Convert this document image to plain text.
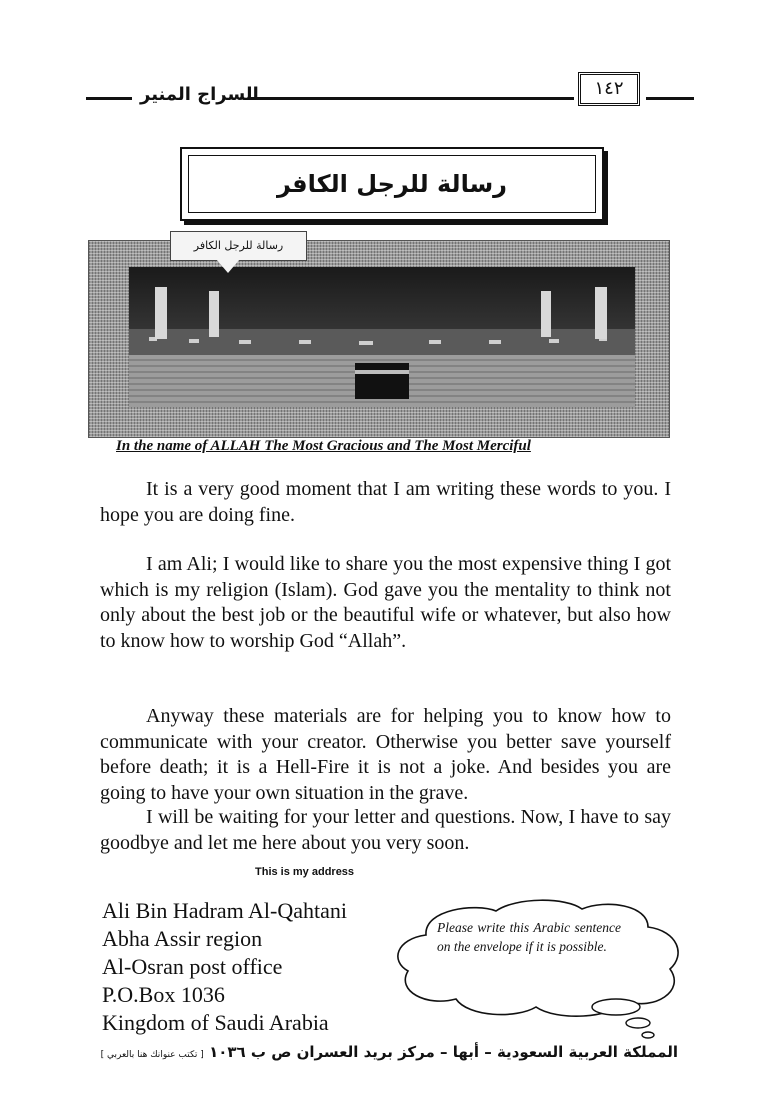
السراج المنير	١٤٢
رسالة للرجل الكافر
رسالة للرجل الكافر
In the name of ALLAH The Most Gracious and The Most Merciful

It is a very good moment that I am writing these words to you. I hope you are doing fine.

I am Ali; I would like to share you the most expensive thing I got which is my religion (Islam). God gave you the mentality to think not only about the best job or the beautiful wife or whatever, but also how to know how to worship God “Allah”.

Anyway these materials are for helping you to know how to communicate with your creator. Otherwise you better save yourself before death; it is a Hell-Fire it is not a joke. And besides you are going to have your own situation in the grave.

I will be waiting for your letter and questions. Now, I have to say goodbye and let me here about you very soon.

This is my address
Ali Bin Hadram Al-Qahtani
Abha Assir region
Al-Osran post office
P.O.Box 1036
Kingdom of Saudi Arabia
Please write this Arabic sentence on the envelope if it is possible.
المملكة العربية السعودية – أبها – مركز بريد العسران ص ب ١٠٣٦ [ تكتب عنوانك هنا بالعربي ]
